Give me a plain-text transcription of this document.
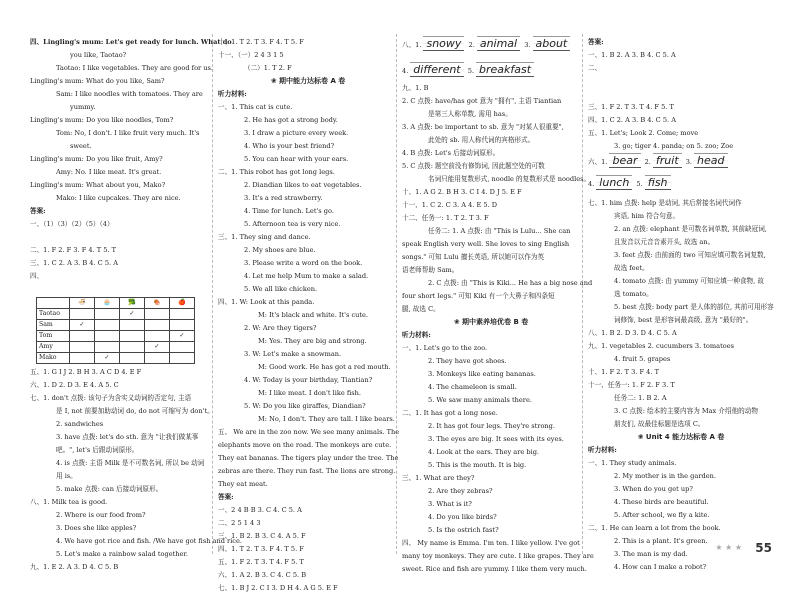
四、Lingling's mum: Let's get ready for lunch. What do
you like, Taotao?
Taotao: I like vegetables. They are good for us.
Lingling's mum: What do you like, Sam?
Sam: I like noodles with tomatoes. They are
yummy.
Lingling's mum: Do you like noodles, Tom?
Tom: No, I don't. I like fruit very much. It's
sweet.
Lingling's mum: Do you like fruit, Amy?
Amy: No. I like meat. It's great.
Lingling's mum: What about you, Mako?
Mako: I like cupcakes. They are nice.
答案:
一、（1）（3）（2）（5）（4）
二、1. F 2. F 3. F 4. T 5. T
三、1. C 2. A 3. B 4. C 5. A
四、
	🍜	🧁	🥦	🍖	🍎
Taotao			✓		
Sam	✓				
Tom					✓
Amy				✓	
Mako		✓			
五、1. G I J 2. B H 3. A C D 4. E F
六、1. D 2. D 3. E 4. A 5. C
七、1. don't 点拨: 该句子为含实义动词的否定句, 主语
是 I, not 前要加助动词 do, do not 可缩写为 don't。
2. sandwiches
3. have 点拨: let's do sth. 意为 "让我们做某事
吧。", let's 后跟动词原形。
4. is 点拨: 主语 Milk 是不可数名词, 所以 be 动词
用 is。
5. make 点拨: can 后接动词原形。
八、1. Milk tea is good.
2. Where is our food from?
3. Does she like apples?
4. We have got rice and fish. /We have got fish and rice.
5. Let's make a rainbow salad together.
九、1. E 2. A 3. D 4. C 5. B
十、1. T 2. T 3. F 4. T 5. F
十一、（一）2 4 3 1 5
（二）1. T 2. F
❀ 期中能力达标卷 A 卷
听力材料:
一、1. This cat is cute.
2. He has got a strong body.
3. I draw a picture every week.
4. Who is your best friend?
5. You can hear with your ears.
二、1. This robot has got long legs.
2. Diandian likes to eat vegetables.
3. It's a red strawberry.
4. Time for lunch. Let's go.
5. Afternoon tea is very nice.
三、1. They sing and dance.
2. My shoes are blue.
3. Please write a word on the book.
4. Let me help Mum to make a salad.
5. We all like chicken.
四、1. W: Look at this panda.
M: It's black and white. It's cute.
2. W: Are they tigers?
M: Yes. They are big and strong.
3. W: Let's make a snowman.
M: Good work. He has got a red mouth.
4. W: Today is your birthday, Tiantian?
M: I like meat. I don't like fish.
5. W: Do you like giraffes, Diandian?
M: No, I don't. They are tall. I like bears.
五、 We are in the zoo now. We see many animals. The
elephants move on the road. The monkeys are cute.
They eat bananas. The tigers play under the tree. The
zebras are there. They run fast. The lions are strong.
They eat meat.
答案:
一、2 4 B B 3. C 4. C 5. A
二、2 5 1 4 3
三、1. B 2. B 3. C 4. A 5. F
四、1. T 2. T 3. F 4. T 5. F
五、1. F 2. T 3. T 4. F 5. T
六、1. A 2. B 3. C 4. C 5. B
七、1. B J 2. C I 3. D H 4. A G 5. E F
八、1. snowy 2. animal 3. about
4. different 5. breakfast
九、1. B
2. C 点拨: have/has got 意为 "拥有", 主语 Tiantian
是第三人称单数, 需用 has。
3. A 点拨: be important to sb. 意为 "对某人很重要",
此处的 sb. 用人称代词的宾格形式。
4. B 点拨: Let's 后接动词原形。
5. C 点拨: 题空前没有修饰词, 因此题空处的可数
名词只能用复数形式, noodle 的复数形式是 noodles。
十、1. A G 2. B H 3. C I 4. D J 5. E F
十一、1. C 2. C 3. A 4. E 5. D
十二、任务一: 1. T 2. T 3. F
任务二: 1. A 点拨: 由 "This is Lulu... She can
speak English very well. She loves to sing English
songs." 可知 Lulu 擅长英语, 所以她可以作为英
语老师帮助 Sam。
2. C 点拨: 由 "This is Kiki... He has a big nose and
four short legs." 可知 Kiki 有一个大鼻子和四条短
腿, 故选 C。
❀ 期中素养培优卷 B 卷
听力材料:
一、1. Let's go to the zoo.
2. They have got shoes.
3. Monkeys like eating bananas.
4. The chameleon is small.
5. We saw many animals there.
二、1. It has got a long nose.
2. It has got four legs. They're strong.
3. The eyes are big. It sees with its eyes.
4. Look at the ears. They are big.
5. This is the mouth. It is big.
三、1. What are they?
2. Are they zebras?
3. What is it?
4. Do you like birds?
5. Is the ostrich fast?
四、 My name is Emma. I'm ten. I like yellow. I've got
many toy monkeys. They are cute. I like grapes. They are
sweet. Rice and fish are yummy. I like them very much.
答案:
一、1. B 2. A 3. B 4. C 5. A
二、
三、1. F 2. T 3. T 4. F 5. T
四、1. C 2. A 3. B 4. C 5. A
五、1. Let's; Look 2. Come; move
3. go; tiger 4. panda; on 5. zoo; Zoe
六、1. bear 2. fruit 3. head
4. lunch 5. fish
七、1. him 点拨: help 是动词, 其后常接名词代词作
宾语, him 符合句意。
2. an 点拨: elephant 是可数名词单数, 其前缺冠词,
且发音以元音音素开头, 故选 an。
3. feet 点拨: 由前面的 two 可知应填可数名词复数,
故选 feet。
4. tomato 点拨: 由 yummy 可知应填一种食物, 故
选 tomato。
5. best 点拨: body part 是人体的部位, 其前可用形容
词修饰, best 是形容词最高级, 意为 "最好的"。
八、1. B 2. D 3. D 4. C 5. A
九、1. vegetables 2. cucumbers 3. tomatoes
4. fruit 5. grapes
十、1. F 2. T 3. F 4. T
十一、任务一: 1. F 2. F 3. T
任务二: 1. B 2. A
3. C 点拨: 绘本的主要内容为 Max 介绍他的动物
朋友们, 故最佳标题是选项 C。
❀ Unit 4 能力达标卷 A 卷
听力材料:
一、1. They study animals.
2. My mother is in the garden.
3. When do you get up?
4. These birds are beautiful.
5. After school, we fly a kite.
二、1. He can learn a lot from the book.
2. This is a plant. It's green.
3. The man is my dad.
4. How can I make a robot?
★ ★ ★ 55
